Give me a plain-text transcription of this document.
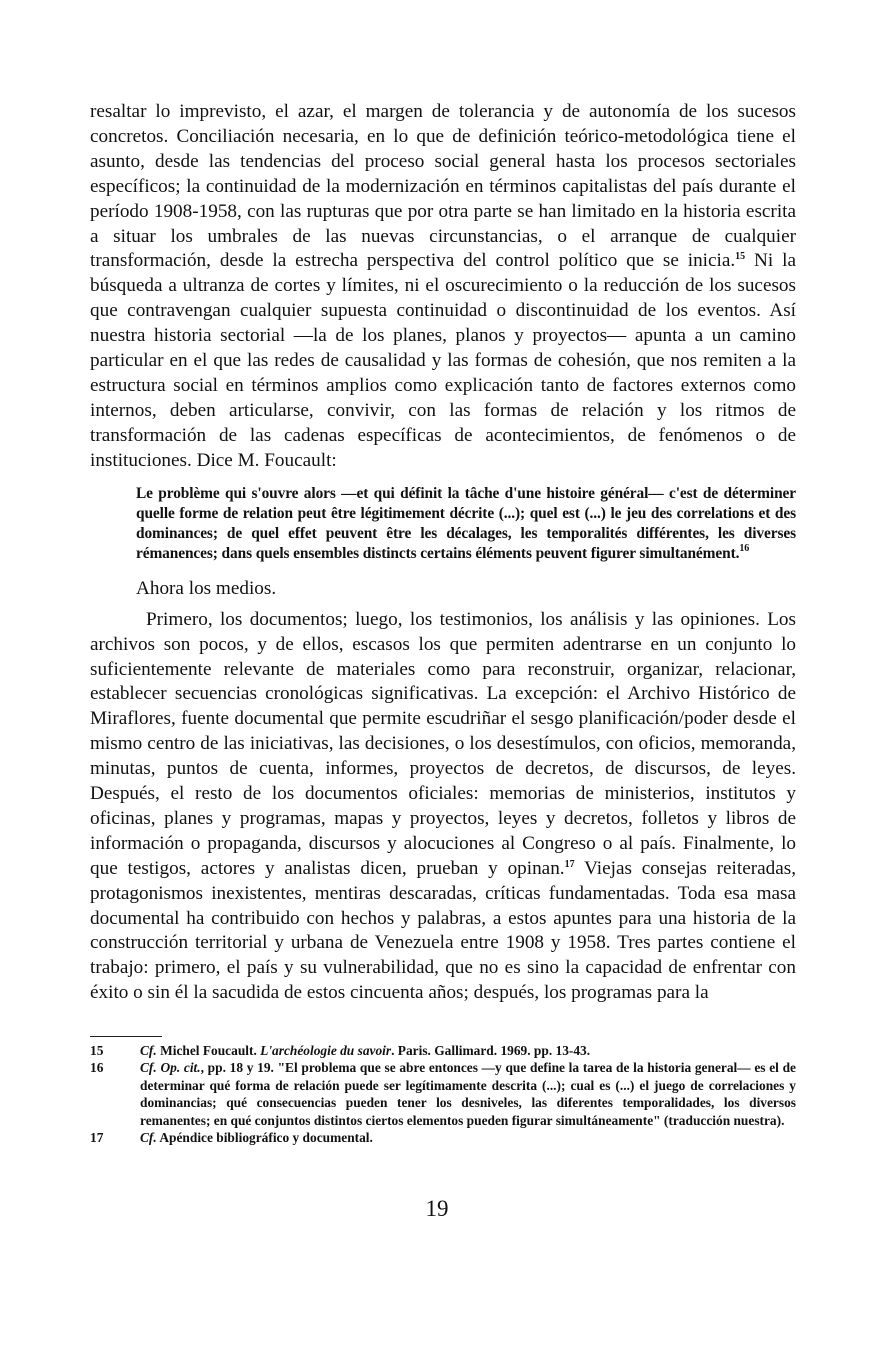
resaltar lo imprevisto, el azar, el margen de tolerancia y de autonomía de los sucesos concretos. Conciliación necesaria, en lo que de definición teórico-metodológica tiene el asunto, desde las tendencias del proceso social general hasta los procesos sectoriales específicos; la continuidad de la modernización en términos capitalistas del país durante el período 1908-1958, con las rupturas que por otra parte se han limitado en la historia escrita a situar los umbrales de las nuevas circunstancias, o el arranque de cualquier transformación, desde la estrecha perspectiva del control político que se inicia.$^{15}$ Ni la búsqueda a ultranza de cortes y límites, ni el oscurecimiento o la reducción de los sucesos que contravengan cualquier supuesta continuidad o discontinuidad de los eventos. Así nuestra historia sectorial —la de los planes, planos y proyectos— apunta a un camino particular en el que las redes de causalidad y las formas de cohesión, que nos remiten a la estructura social en términos amplios como explicación tanto de factores externos como internos, deben articularse, convivir, con las formas de relación y los ritmos de transformación de las cadenas específicas de acontecimientos, de fenómenos o de instituciones. Dice M. Foucault:

Le problème qui s'ouvre alors —et qui définit la tâche d'une histoire général— c'est de déterminer quelle forme de relation peut être légitimement décrite (...); quel est (...) le jeu des correlations et des dominances; de quel effet peuvent être les décalages, les temporalités différentes, les diverses rémanences; dans quels ensembles distincts certains éléments peuvent figurer simultanément.$^{16}$

Ahora los medios.

Primero, los documentos; luego, los testimonios, los análisis y las opiniones. Los archivos son pocos, y de ellos, escasos los que permiten adentrarse en un conjunto lo suficientemente relevante de materiales como para reconstruir, organizar, relacionar, establecer secuencias cronológicas significativas. La excepción: el Archivo Histórico de Miraflores, fuente documental que permite escudriñar el sesgo planificación/poder desde el mismo centro de las iniciativas, las decisiones, o los desestímulos, con oficios, memoranda, minutas, puntos de cuenta, informes, proyectos de decretos, de discursos, de leyes. Después, el resto de los documentos oficiales: memorias de ministerios, institutos y oficinas, planes y programas, mapas y proyectos, leyes y decretos, folletos y libros de información o propaganda, discursos y alocuciones al Congreso o al país. Finalmente, lo que testigos, actores y analistas dicen, prueban y opinan.$^{17}$ Viejas consejas reiteradas, protagonismos inexistentes, mentiras descaradas, críticas fundamentadas. Toda esa masa documental ha contribuido con hechos y palabras, a estos apuntes para una historia de la construcción territorial y urbana de Venezuela entre 1908 y 1958. Tres partes contiene el trabajo: primero, el país y su vulnerabilidad, que no es sino la capacidad de enfrentar con éxito o sin él la sacudida de estos cincuenta años; después, los programas para la

15	Cf. Michel Foucault. L'archéologie du savoir. Paris. Gallimard. 1969. pp. 13-43.
16	Cf. Op. cit., pp. 18 y 19. "El problema que se abre entonces —y que define la tarea de la historia general— es el de determinar qué forma de relación puede ser legítimamente descrita (...); cual es (...) el juego de correlaciones y dominancias; qué consecuencias pueden tener los desniveles, las diferentes temporalidades, los diversos remanentes; en qué conjuntos distintos ciertos elementos pueden figurar simultáneamente" (traducción nuestra).
17	Cf. Apéndice bibliográfico y documental.
19
